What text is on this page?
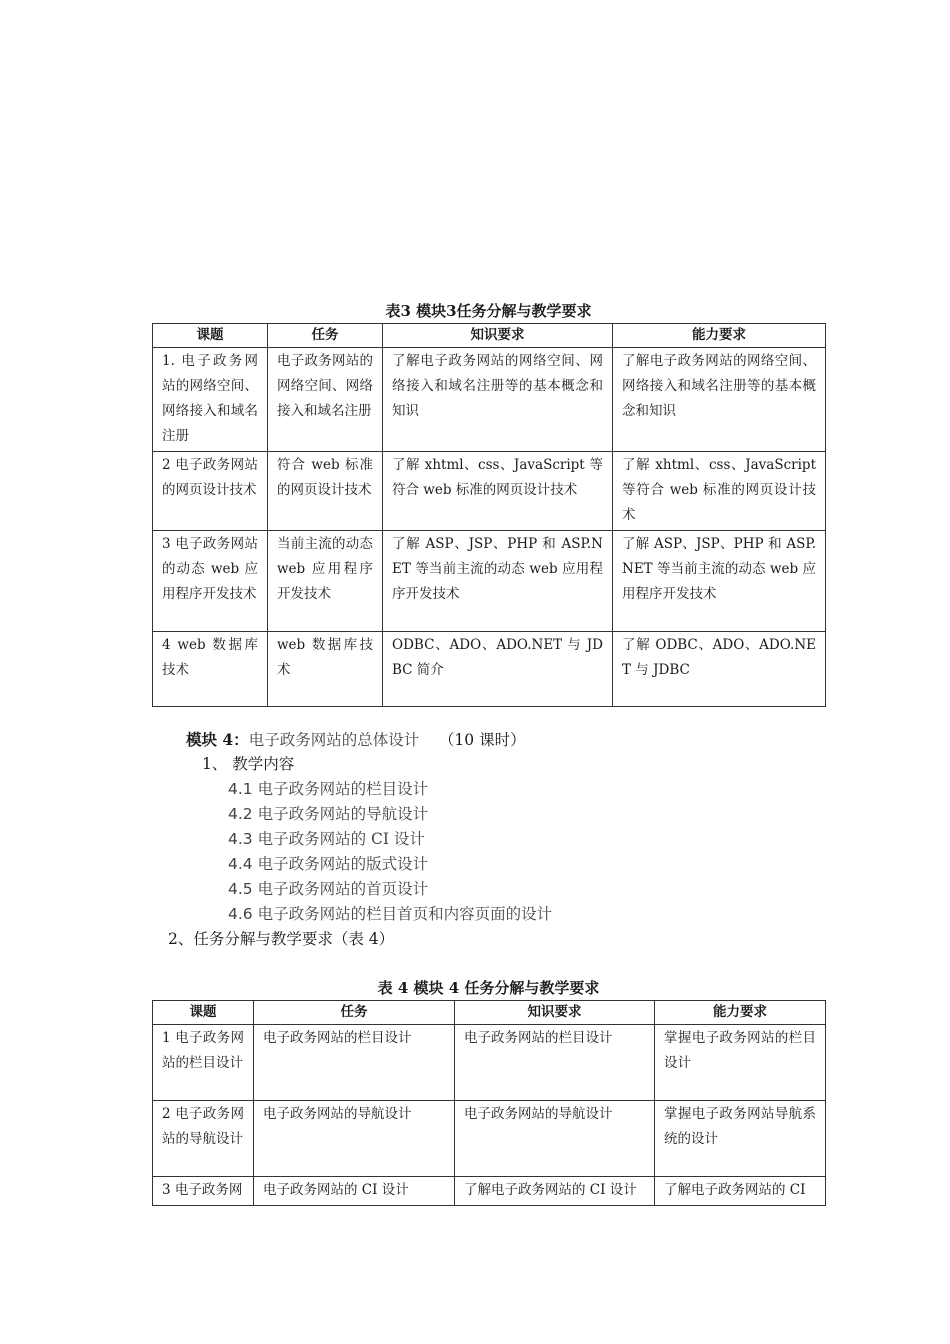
表3 模块3任务分解与教学要求
课题	任务	知识要求	能力要求
1. 电子政务网站的网络空间、网络接入和域名注册	电子政务网站的网络空间、网络接入和域名注册	了解电子政务网站的网络空间、网络接入和域名注册等的基本概念和知识	了解电子政务网站的网络空间、网络接入和域名注册等的基本概念和知识
2 电子政务网站的网页设计技术	符合 web 标准的网页设计技术	了解 xhtml、css、JavaScript 等符合 web 标准的网页设计技术	了解 xhtml、css、JavaScript 等符合 web 标准的网页设计技术
3 电子政务网站的动态 web 应用程序开发技术	当前主流的动态 web 应用程序开发技术	了解 ASP、JSP、PHP 和 ASP.NET 等当前主流的动态 web 应用程序开发技术	了解 ASP、JSP、PHP 和 ASP.NET 等当前主流的动态 web 应用程序开发技术
4 web 数据库技术	web 数据库技术	ODBC、ADO、ADO.NET 与 JDBC 简介	了解 ODBC、ADO、ADO.NET 与 JDBC
模块 4：电子政务网站的总体设计 （10 课时）
1、 教学内容
4.1 电子政务网站的栏目设计
4.2 电子政务网站的导航设计
4.3 电子政务网站的 CI 设计
4.4 电子政务网站的版式设计
4.5 电子政务网站的首页设计
4.6 电子政务网站的栏目首页和内容页面的设计
2、任务分解与教学要求（表 4）
表 4 模块 4 任务分解与教学要求
课题	任务	知识要求	能力要求
1 电子政务网站的栏目设计	电子政务网站的栏目设计	电子政务网站的栏目设计	掌握电子政务网站的栏目设计
2 电子政务网站的导航设计	电子政务网站的导航设计	电子政务网站的导航设计	掌握电子政务网站导航系统的设计
3 电子政务网	电子政务网站的 CI 设计	了解电子政务网站的 CI 设计	了解电子政务网站的 CI
